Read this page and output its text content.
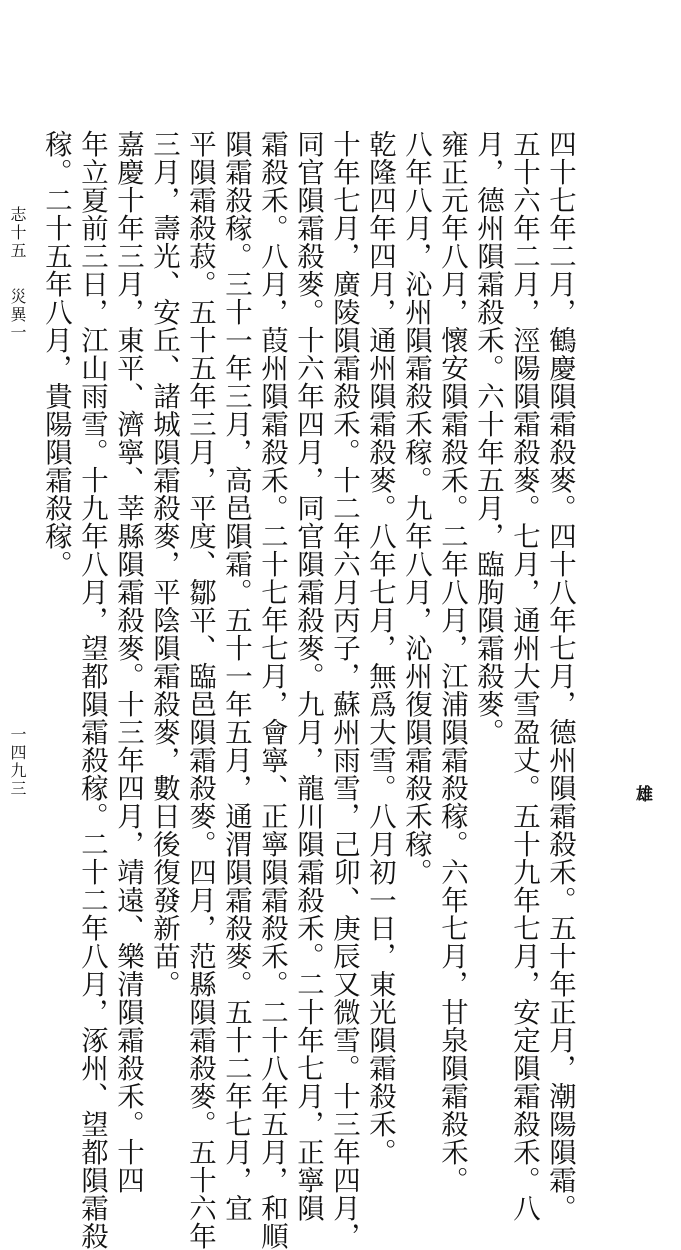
雄
四十七年二月，鶴慶隕霜殺麥。四十八年七月，德州隕霜殺禾。五十年正月，潮陽隕霜。
五十六年二月，涇陽隕霜殺麥。七月，通州大雪盈丈。五十九年七月，安定隕霜殺禾。八
月，德州隕霜殺禾。六十年五月，臨朐隕霜殺麥。
雍正元年八月，懷安隕霜殺禾。二年八月，江浦隕霜殺稼。六年七月，甘泉隕霜殺禾。
八年八月，沁州隕霜殺禾稼。九年八月，沁州復隕霜殺禾稼。
乾隆四年四月，通州隕霜殺麥。八年七月，無爲大雪。八月初一日，東光隕霜殺禾。
十年七月，廣陵隕霜殺禾。十二年六月丙子，蘇州雨雪，己卯、庚辰又微雪。十三年四月，
同官隕霜殺麥。十六年四月，同官隕霜殺麥。九月，龍川隕霜殺禾。二十年七月，正寧隕
霜殺禾。八月，葭州隕霜殺禾。二十七年七月，會寧、正寧隕霜殺禾。二十八年五月，和順
隕霜殺稼。三十一年三月，高邑隕霜。五十一年五月，通渭隕霜殺麥。五十二年七月，宜
平隕霜殺菽。五十五年三月，平度、鄒平、臨邑隕霜殺麥。四月，范縣隕霜殺麥。五十六年
三月，壽光、安丘、諸城隕霜殺麥，平陰隕霜殺麥，數日後復發新苗。
嘉慶十年三月，東平、濟寧、莘縣隕霜殺麥。十三年四月，靖遠、樂清隕霜殺禾。十四
年立夏前三日，江山雨雪。十九年八月，望都隕霜殺稼。二十二年八月，涿州、望都隕霜殺
稼。二十五年八月，貴陽隕霜殺稼。
志十五
災異一
一四九三
